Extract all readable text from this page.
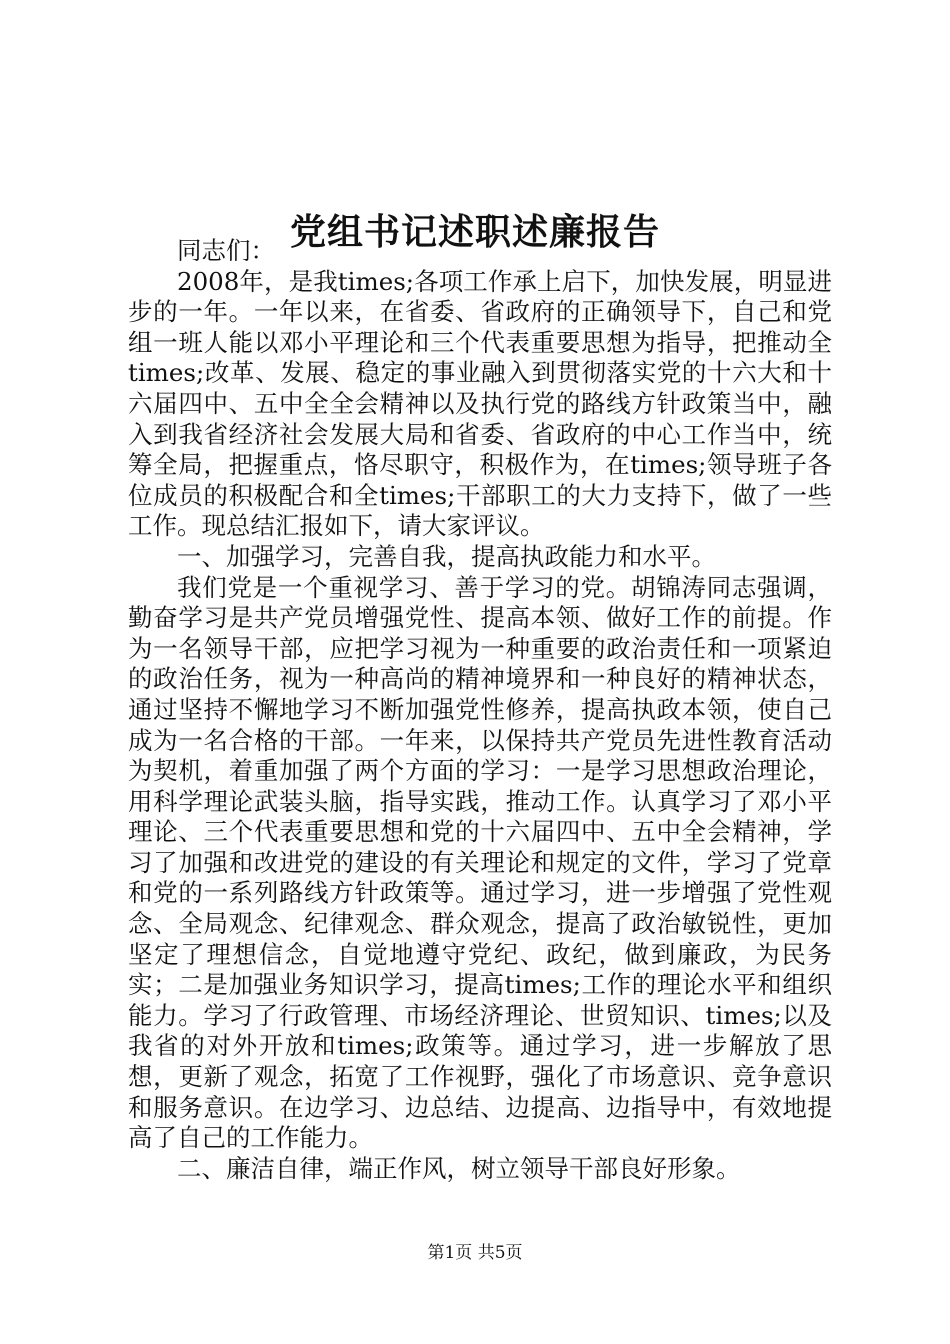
党组书记述职述廉报告

同志们：

2008年，是我times;各项工作承上启下，加快发展，明显进步的一年。一年以来，在省委、省政府的正确领导下，自己和党组一班人能以邓小平理论和三个代表重要思想为指导，把推动全times;改革、发展、稳定的事业融入到贯彻落实党的十六大和十六届四中、五中全全会精神以及执行党的路线方针政策当中，融入到我省经济社会发展大局和省委、省政府的中心工作当中，统筹全局，把握重点，恪尽职守，积极作为，在times;领导班子各位成员的积极配合和全times;干部职工的大力支持下，做了一些工作。现总结汇报如下，请大家评议。

一、加强学习，完善自我，提高执政能力和水平。

我们党是一个重视学习、善于学习的党。胡锦涛同志强调，勤奋学习是共产党员增强党性、提高本领、做好工作的前提。作为一名领导干部，应把学习视为一种重要的政治责任和一项紧迫的政治任务，视为一种高尚的精神境界和一种良好的精神状态，通过坚持不懈地学习不断加强党性修养，提高执政本领，使自己成为一名合格的干部。一年来，以保持共产党员先进性教育活动为契机，着重加强了两个方面的学习：一是学习思想政治理论，用科学理论武装头脑，指导实践，推动工作。认真学习了邓小平理论、三个代表重要思想和党的十六届四中、五中全会精神，学习了加强和改进党的建设的有关理论和规定的文件，学习了党章和党的一系列路线方针政策等。通过学习，进一步增强了党性观念、全局观念、纪律观念、群众观念，提高了政治敏锐性，更加坚定了理想信念，自觉地遵守党纪、政纪，做到廉政，为民务实；二是加强业务知识学习，提高times;工作的理论水平和组织能力。学习了行政管理、市场经济理论、世贸知识、times;以及我省的对外开放和times;政策等。通过学习，进一步解放了思想，更新了观念，拓宽了工作视野，强化了市场意识、竞争意识和服务意识。在边学习、边总结、边提高、边指导中，有效地提高了自己的工作能力。

二、廉洁自律，端正作风，树立领导干部良好形象。

第1页 共5页
